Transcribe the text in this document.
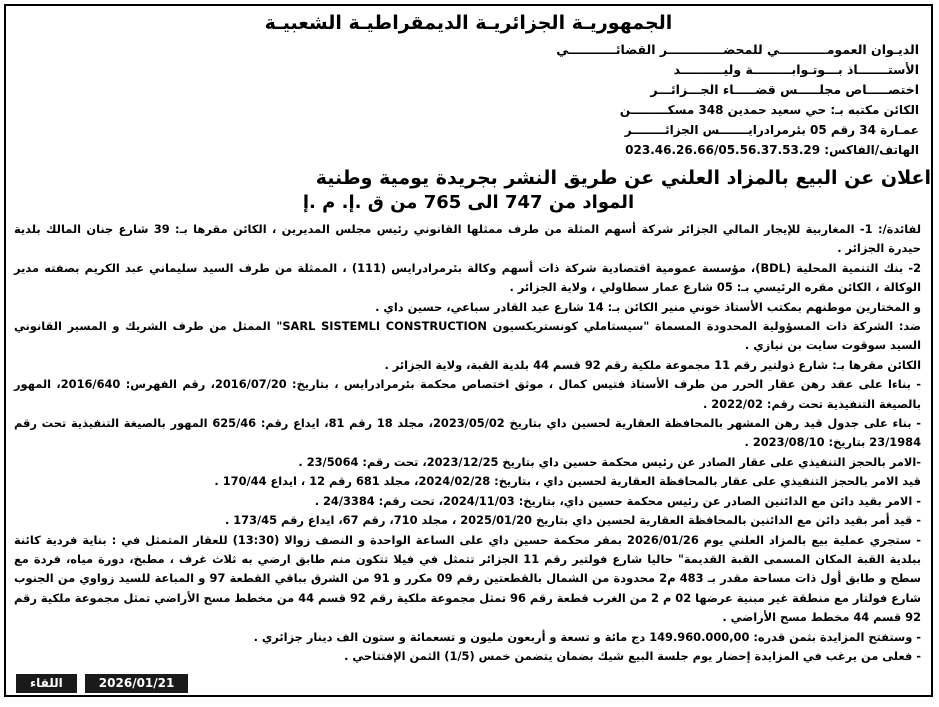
الجمهوريـة الجزائريـة الديمقراطيـة الشعبيـة

الديـوان العمومـــــــــــي للمحضـــــــــــــر القضائـــــــــــي

الأستـــــــاذ بـــوتـوابـــــــــة وليــــــــــد

اختصـــــاص مجلـــــس قضـــــاء الجـــزائـــر

الكائن مكتبه بـ: حي سعيد حمدين 348 مسكـــــــــن

عمـارة 34 رقم 05 بئرمرادرايـــــــس الجزائــــــــر

الهاتف/الفاكس: 023.46.26.66/05.56.37.53.29

اعلان عن البيع بالمزاد العلني عن طريق النشر بجريدة يومية وطنية
المواد من 747 الى 765 من ق .إ. م .إ

لفائدة/: 1- المغاربية للإيجار المالي الجزائر شركة أسهم المثلة من طرف ممثلها القانوني رئيس مجلس المديرين ، الكائن مقرها بـ: 39 شارع جنان المالك بلدية حيدرة الجزائر .

2- بنك التنمية المحلية (BDL)، مؤسسة عمومية اقتصادية شركة ذات أسهم وكالة بئرمرادرايس (111) ، الممثلة من طرف السيد سليماني عبد الكريم بصفته مدير الوكالة ، الكائن مقره الرئيسي بـ: 05 شارع عمار سطاولي ، ولاية الجزائر .

و المختارين موطنهم بمكتب الأستاذ خوني منير الكائن بـ: 14 شارع عبد القادر سباعي، حسين داي .

ضد: الشركة ذات المسؤولية المحدودة المسماة "سيستاملي كونستريكسيون SARL SISTEMLI CONSTRUCTION" الممثل من طرف الشريك و المسير القانوني السيد سوقوت سايت بن نيازي .

الكائن مقرها بـ: شارع ذولتير رقم 11 مجموعة ملكية رقم 92 قسم 44 بلدية القبة، ولاية الجزائر .

- بناءا على عقد رهن عقار الحرر من طرف الأستاذ فتيس كمال ، موثق اختصاص محكمة بئرمرادرايس ، بتاريخ: 2016/07/20، رقم الفهرس: 2016/640، المهور بالصيغة التنفيذية تحت رقم: 2022/02 .

- بناء على جدول قيد رهن المشهر بالمحافظة العقارية لحسين داي بتاريخ 2023/05/02، مجلد 18 رقم 81، ايداع رقم: 625/46 المهور بالصيغة التنفيذية تحت رقم 23/1984 بتاريخ: 2023/08/10 .

-الامر بالحجز التنفيذي على عقار الصادر عن رئيس محكمة حسين داي بتاريخ 2023/12/25، تحت رقم: 23/5064 .

قيد الامر بالحجز التنفيذي على عقار بالمحافظة العقارية لحسين داي ، بتاريخ: 2024/02/28، مجلد 681 رقم 12 ، ايداع 170/44 .

- الامر بقيد دائن مع الدائنين الصادر عن رئيس محكمة حسين داي، بتاريخ: 2024/11/03، تحت رقم: 24/3384 .

- قيد أمر بقيد دائن مع الدائنين بالمحافظة العقارية لحسين داي بتاريخ 2025/01/20 ، مجلد 710، رقم 67، ايداع رقم 173/45 .

- ستجري عملية بيع بالمزاد العلني يوم 2026/01/26 بمقر محكمة حسين داي على الساعة الواحدة و النصف زوالا (13:30) للعقار المتمثل في : بناية فردية كائنة ببلدية القبة المكان المسمى القبة القديمة" حاليا شارع فولتير رقم 11 الجزائر تتمثل في فيلا تتكون منم طابق ارضي به ثلاث غرف ، مطبخ، دورة مياه، فردة مع سطح و طابق أول ذات مساحة مقدر بـ 483 م2 محدودة من الشمال بالقطعتين رقم 09 مكرر و 91 من الشرق بباقي القطعة 97 و المباعة للسيد زواوي من الجنوب شارع فولتار مع منطقة غير مبنية عرضها 02 م 2 من الغرب قطعة رقم 96 تمثل مجموعة ملكية رقم 92 قسم 44 من مخطط مسح الأراضي تمثل مجموعة ملكية رقم 92 قسم 44 مخطط مسح الأراضي .

- وستفتح المزايدة بثمن قدره: 149.960.000,00 دج مائة و تسعة و أربعون مليون و تسعمائة و ستون الف دينار جزائري .

- فعلى من يرغب في المزايدة إحضار يوم جلسة البيع شيك بضمان يتضمن خمس (1/5) الثمن الإفتتاحي .

اللقاء	2026/01/21
